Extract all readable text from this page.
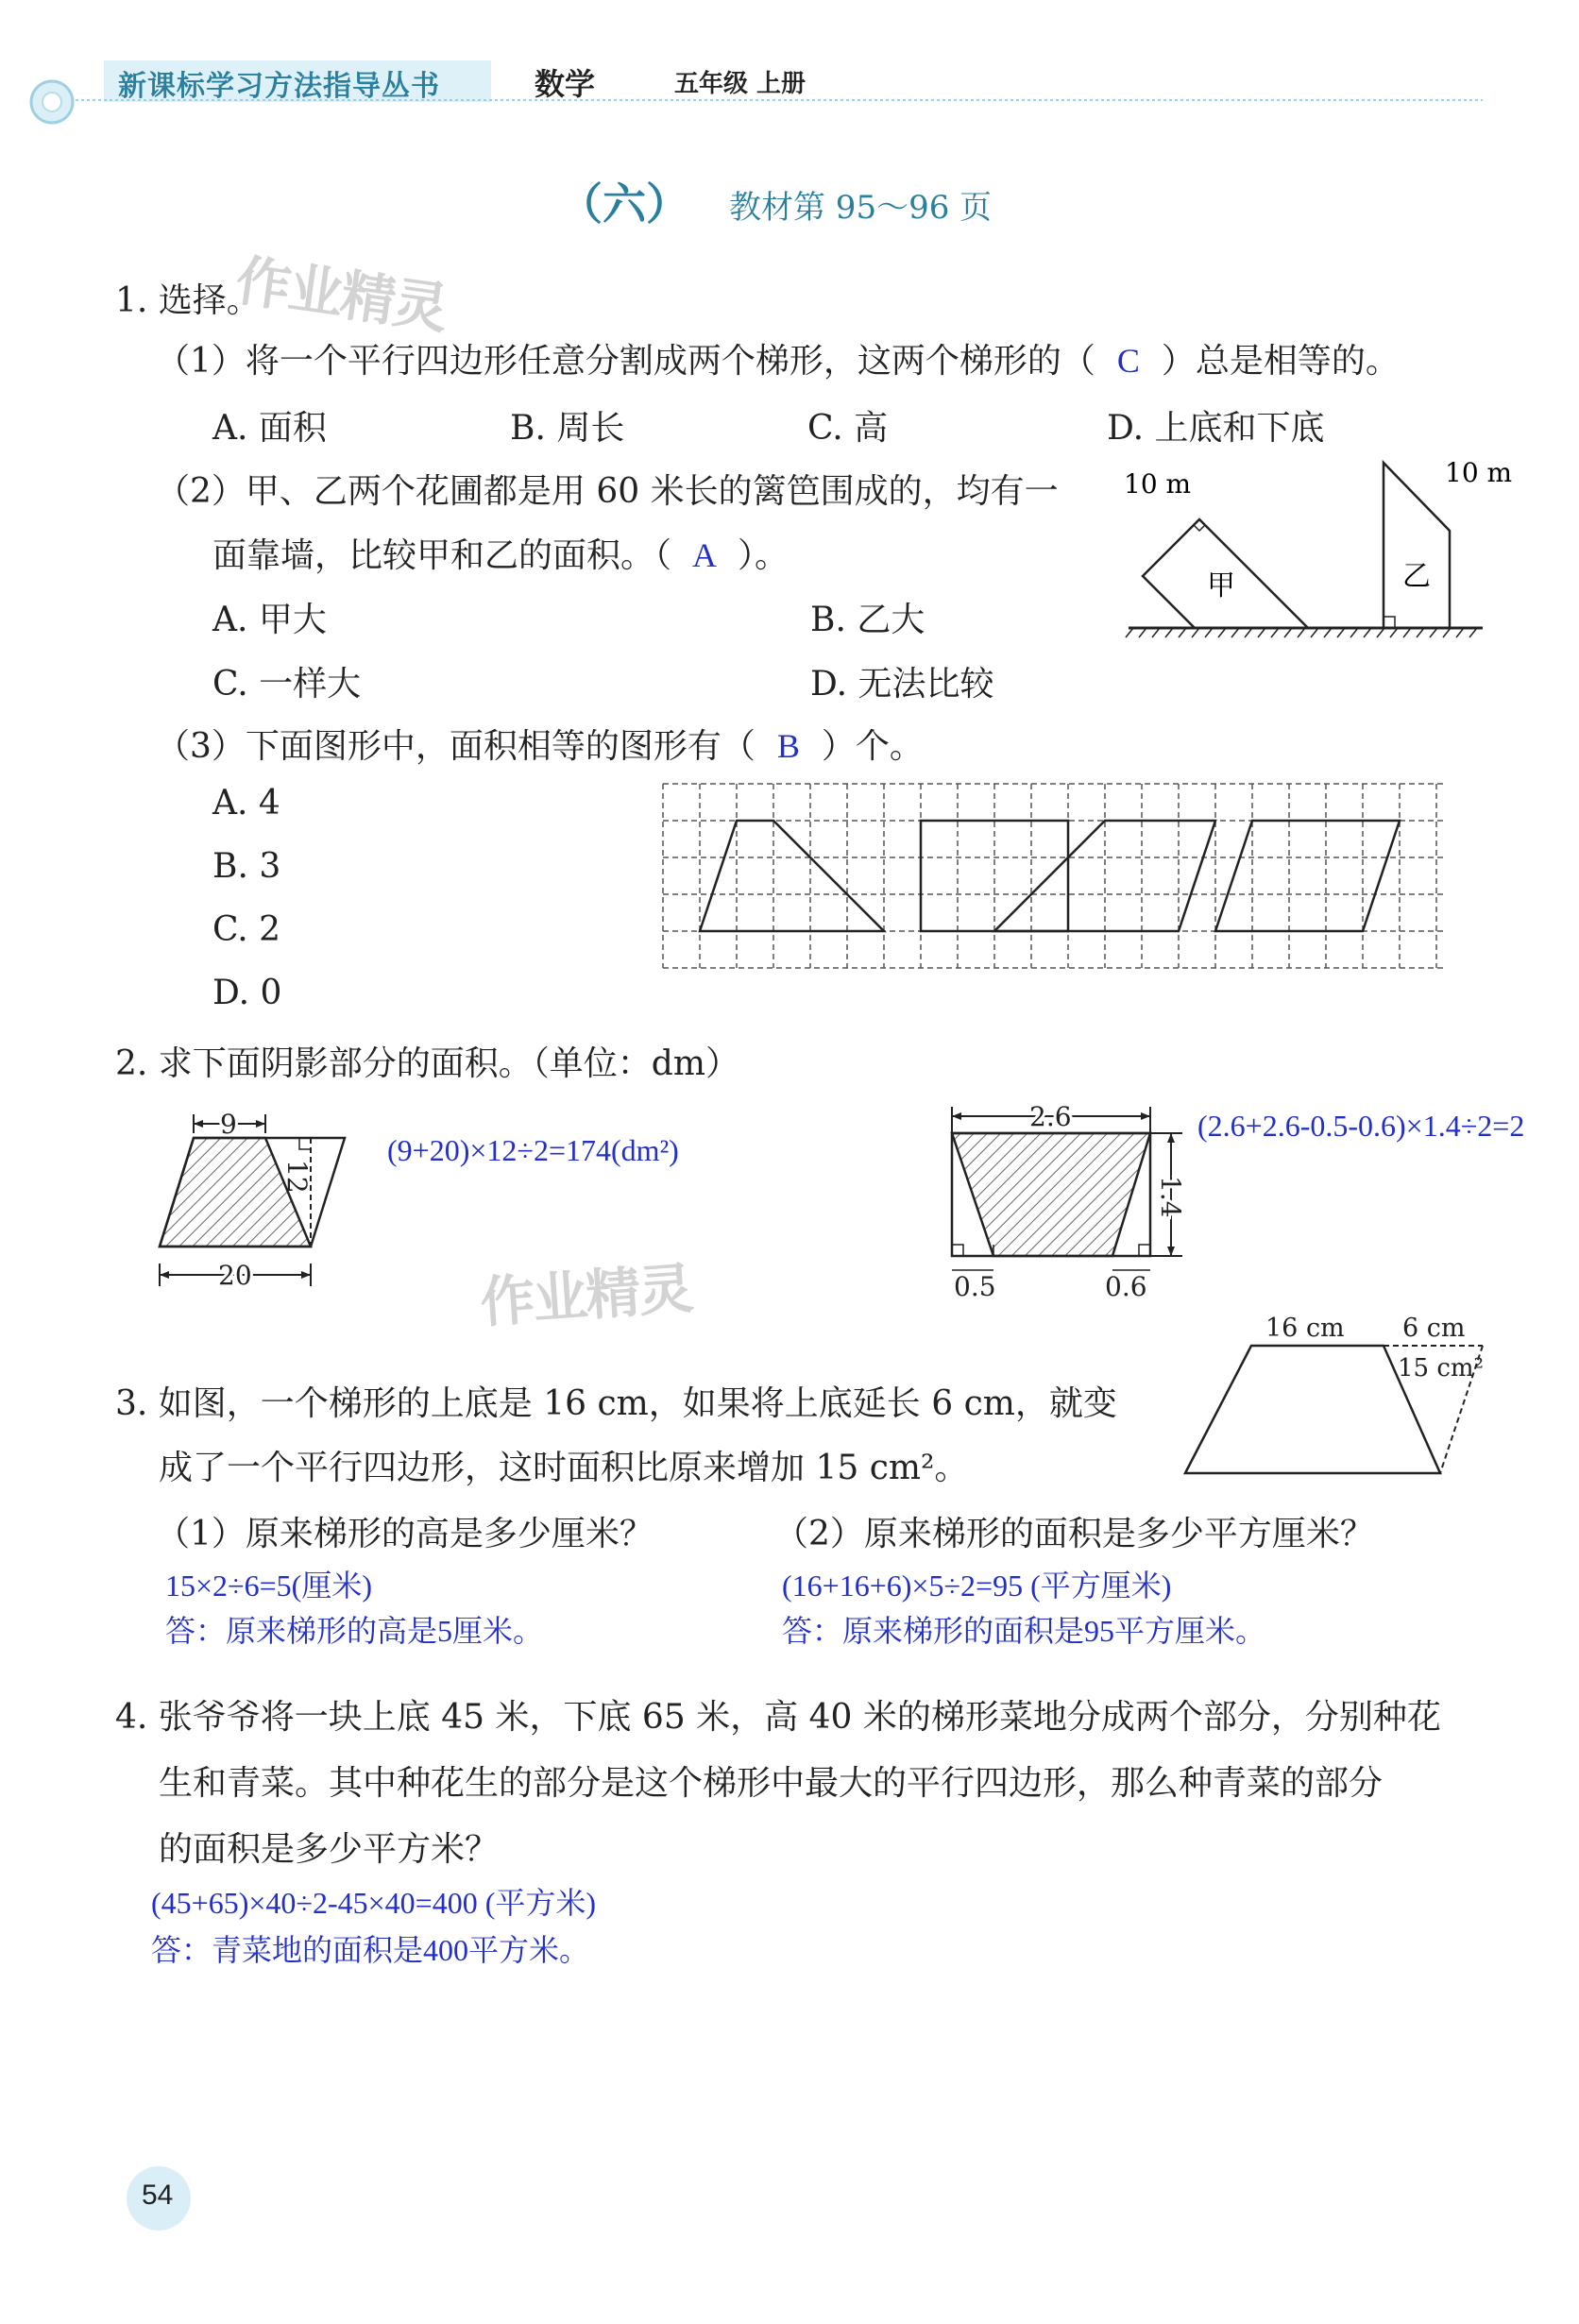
新课标学习方法指导丛书	数学	五年级 上册
（六） 教材第 95～96 页
作业精灵
作业精灵
1. 选择。
（1）将一个平行四边形任意分割成两个梯形，这两个梯形的（ C ）总是相等的。
A. 面积	B. 周长	C. 高	D. 上底和下底
（2）甲、乙两个花圃都是用 60 米长的篱笆围成的，均有一
面靠墙，比较甲和乙的面积。（ A ）。
A. 甲大	B. 乙大
C. 一样大	D. 无法比较
10 m	10 m
甲	乙
（3）下面图形中，面积相等的图形有（ B ）个。
A. 4
B. 3
C. 2
D. 0
2. 求下面阴影部分的面积。（单位：dm）
9
12
20
(9+20)×12÷2=174(dm²)
2.6
1.4
0.5	0.6
(2.6+2.6-0.5-0.6)×1.4÷2=2
3. 如图，一个梯形的上底是 16 cm，如果将上底延长 6 cm，就变
成了一个平行四边形，这时面积比原来增加 15 cm²。
16 cm 6 cm
15 cm²
（1）原来梯形的高是多少厘米？	（2）原来梯形的面积是多少平方厘米？
15×2÷6=5(厘米)
答：原来梯形的高是5厘米。
(16+16+6)×5÷2=95 (平方厘米)
答：原来梯形的面积是95平方厘米。
4. 张爷爷将一块上底 45 米，下底 65 米，高 40 米的梯形菜地分成两个部分，分别种花
生和青菜。其中种花生的部分是这个梯形中最大的平行四边形，那么种青菜的部分
的面积是多少平方米？
(45+65)×40÷2-45×40=400 (平方米)
答：青菜地的面积是400平方米。
54
